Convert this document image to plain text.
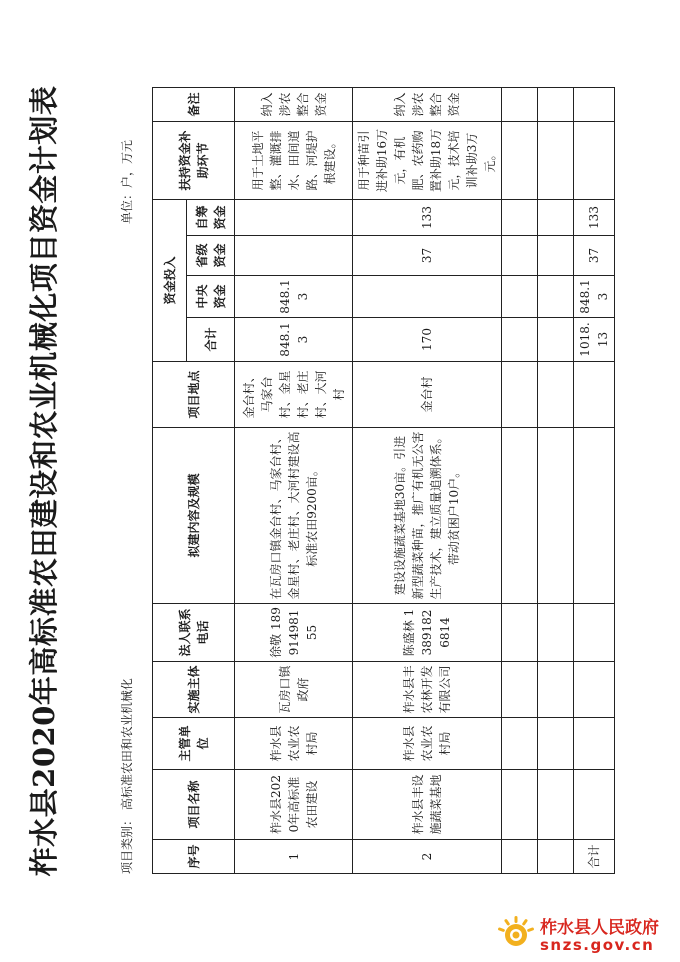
柞水县2020年高标准农田建设和农业机械化项目资金计划表	项目类别： 高标准农田和农业机械化
单位：户，万元
序号	项目名称	主管单位	实施主体	法人联系电话	拟建内容及规模	项目地点	资金投入				扶持资金补助环节	备注
							合计	中央资金	省级资金	自筹资金		
1	柞水县2020年高标准农田建设	柞水县农业农村局	瓦房口镇政府	徐敬 18991498155	在瓦房口镇金台村、马家台村、金星村、老庄村、大河村建设高标准农田9200亩。	金台村、马家台村、金星村、老庄村、大河村	848.13	848.13			用于土地平整、灌溉排水、田间道路、河堤护根建设。	纳入涉农整合资金
2	柞水县丰设施蔬菜基地	柞水县农业农村局	柞水县丰农林开发有限公司	陈盛林 13891826814	建设设施蔬菜基地30亩。引进新型蔬菜种苗，推广有机无公害生产技术，建立质量追溯体系。带动贫困户10户。	金台村	170		37	133	用于种苗引进补助16万元，有机肥、农药购置补助18万元，技术培训补助3万元。	纳入涉农整合资金

合计							1018.13	848.13	37	133		
柞水县人民政府
snzs.gov.cn
